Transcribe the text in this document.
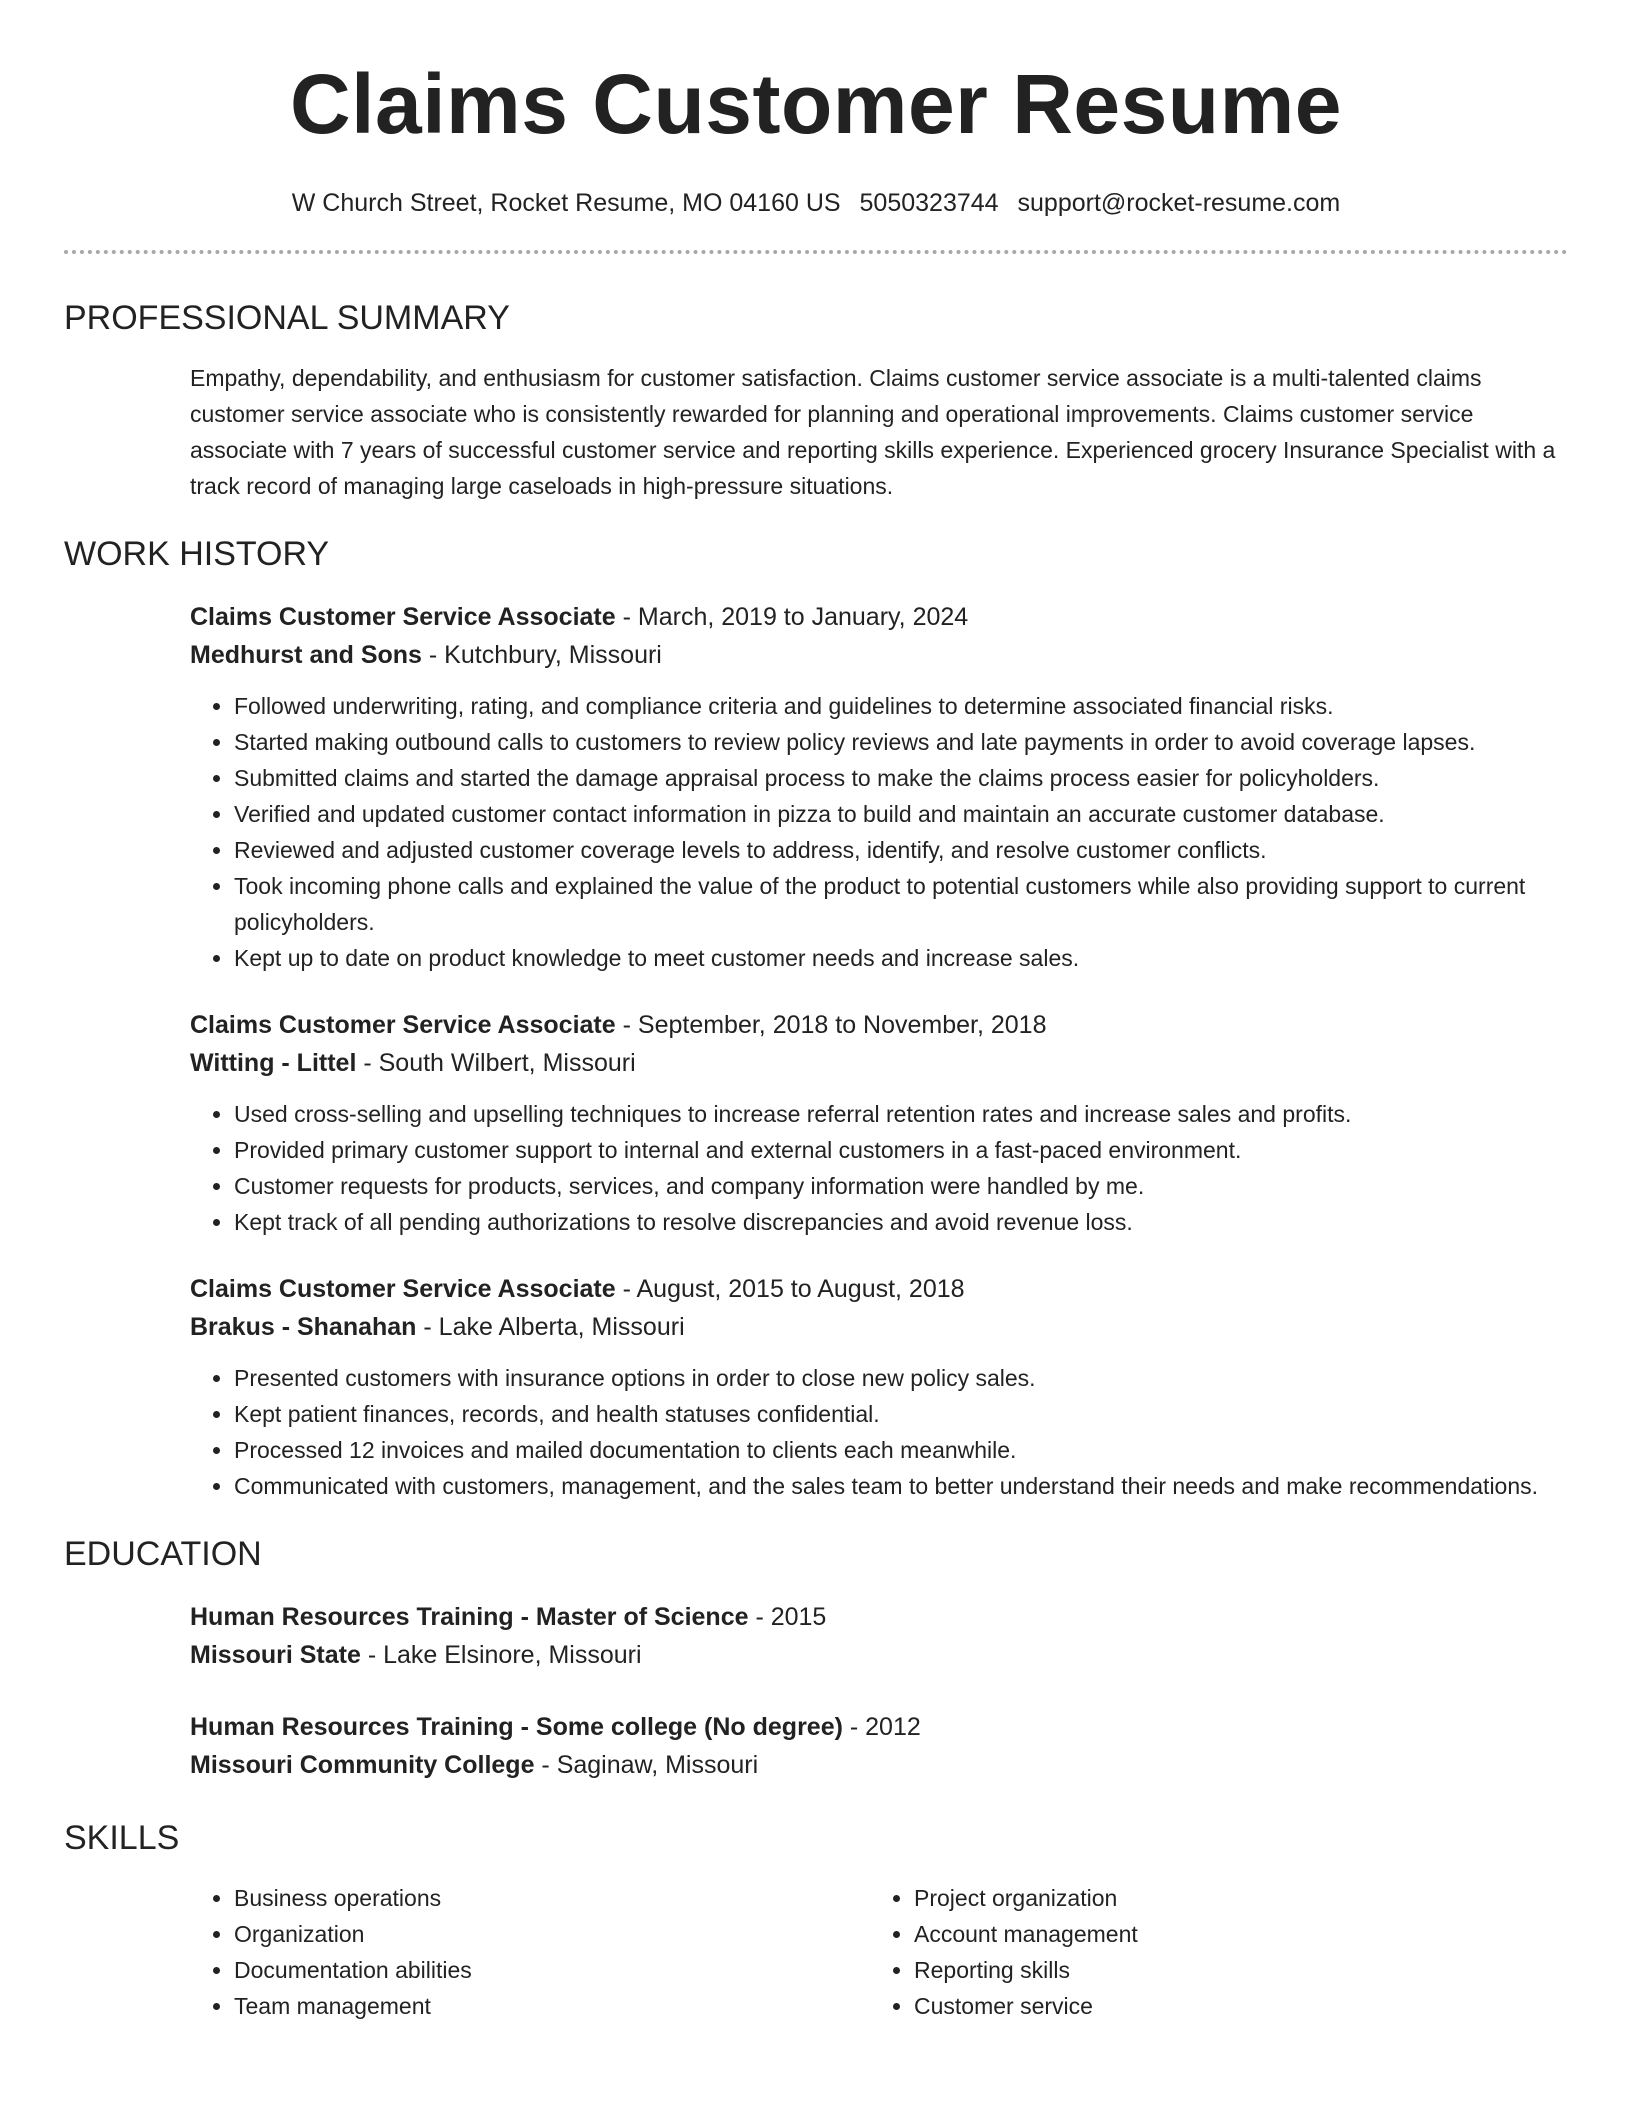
Claims Customer Resume
W Church Street, Rocket Resume, MO 04160 US 5050323744 support@rocket-resume.com
PROFESSIONAL SUMMARY

Empathy, dependability, and enthusiasm for customer satisfaction. Claims customer service associate is a multi-talented claims customer service associate who is consistently rewarded for planning and operational improvements. Claims customer service associate with 7 years of successful customer service and reporting skills experience. Experienced grocery Insurance Specialist with a track record of managing large caseloads in high-pressure situations.

WORK HISTORY
Claims Customer Service Associate - March, 2019 to January, 2024
Medhurst and Sons - Kutchbury, Missouri
• Followed underwriting, rating, and compliance criteria and guidelines to determine associated financial risks.
• Started making outbound calls to customers to review policy reviews and late payments in order to avoid coverage lapses.
• Submitted claims and started the damage appraisal process to make the claims process easier for policyholders.
• Verified and updated customer contact information in pizza to build and maintain an accurate customer database.
• Reviewed and adjusted customer coverage levels to address, identify, and resolve customer conflicts.
• Took incoming phone calls and explained the value of the product to potential customers while also providing support to current policyholders.
• Kept up to date on product knowledge to meet customer needs and increase sales.
Claims Customer Service Associate - September, 2018 to November, 2018
Witting - Littel - South Wilbert, Missouri
• Used cross-selling and upselling techniques to increase referral retention rates and increase sales and profits.
• Provided primary customer support to internal and external customers in a fast-paced environment.
• Customer requests for products, services, and company information were handled by me.
• Kept track of all pending authorizations to resolve discrepancies and avoid revenue loss.
Claims Customer Service Associate - August, 2015 to August, 2018
Brakus - Shanahan - Lake Alberta, Missouri
• Presented customers with insurance options in order to close new policy sales.
• Kept patient finances, records, and health statuses confidential.
• Processed 12 invoices and mailed documentation to clients each meanwhile.
• Communicated with customers, management, and the sales team to better understand their needs and make recommendations.
EDUCATION
Human Resources Training - Master of Science - 2015
Missouri State - Lake Elsinore, Missouri
Human Resources Training - Some college (No degree) - 2012
Missouri Community College - Saginaw, Missouri
SKILLS
• Business operations
• Organization
• Documentation abilities
• Team management
• Project organization
• Account management
• Reporting skills
• Customer service
